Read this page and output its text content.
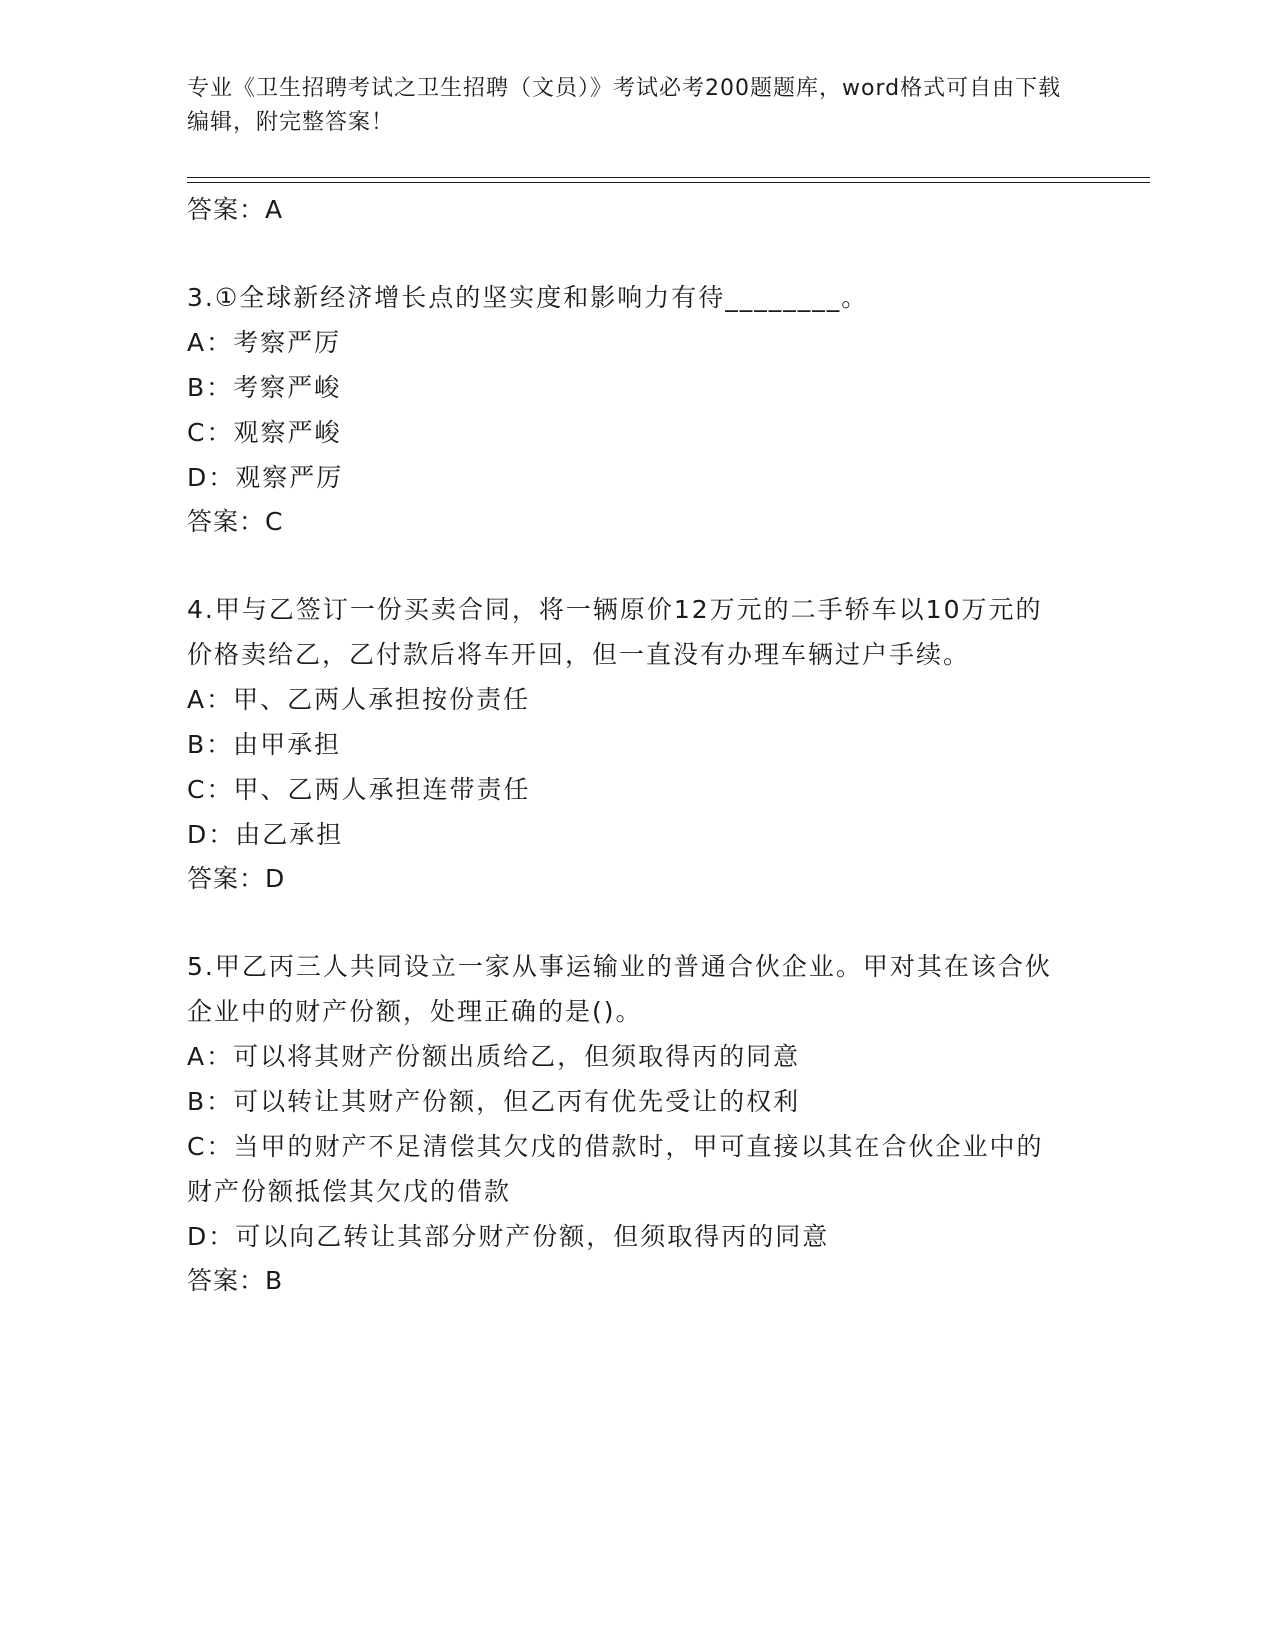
专业《卫生招聘考试之卫生招聘（文员）》考试必考200题题库，word格式可自由下载编辑，附完整答案！
答案：A
3.①全球新经济增长点的坚实度和影响力有待________。
A：考察严厉
B：考察严峻
C：观察严峻
D：观察严厉
答案：C
4.甲与乙签订一份买卖合同，将一辆原价12万元的二手轿车以10万元的价格卖给乙，乙付款后将车开回，但一直没有办理车辆过户手续。
A：甲、乙两人承担按份责任
B：由甲承担
C：甲、乙两人承担连带责任
D：由乙承担
答案：D
5.甲乙丙三人共同设立一家从事运输业的普通合伙企业。甲对其在该合伙企业中的财产份额，处理正确的是()。
A：可以将其财产份额出质给乙，但须取得丙的同意
B：可以转让其财产份额，但乙丙有优先受让的权利
C：当甲的财产不足清偿其欠戊的借款时，甲可直接以其在合伙企业中的财产份额抵偿其欠戊的借款
D：可以向乙转让其部分财产份额，但须取得丙的同意
答案：B
